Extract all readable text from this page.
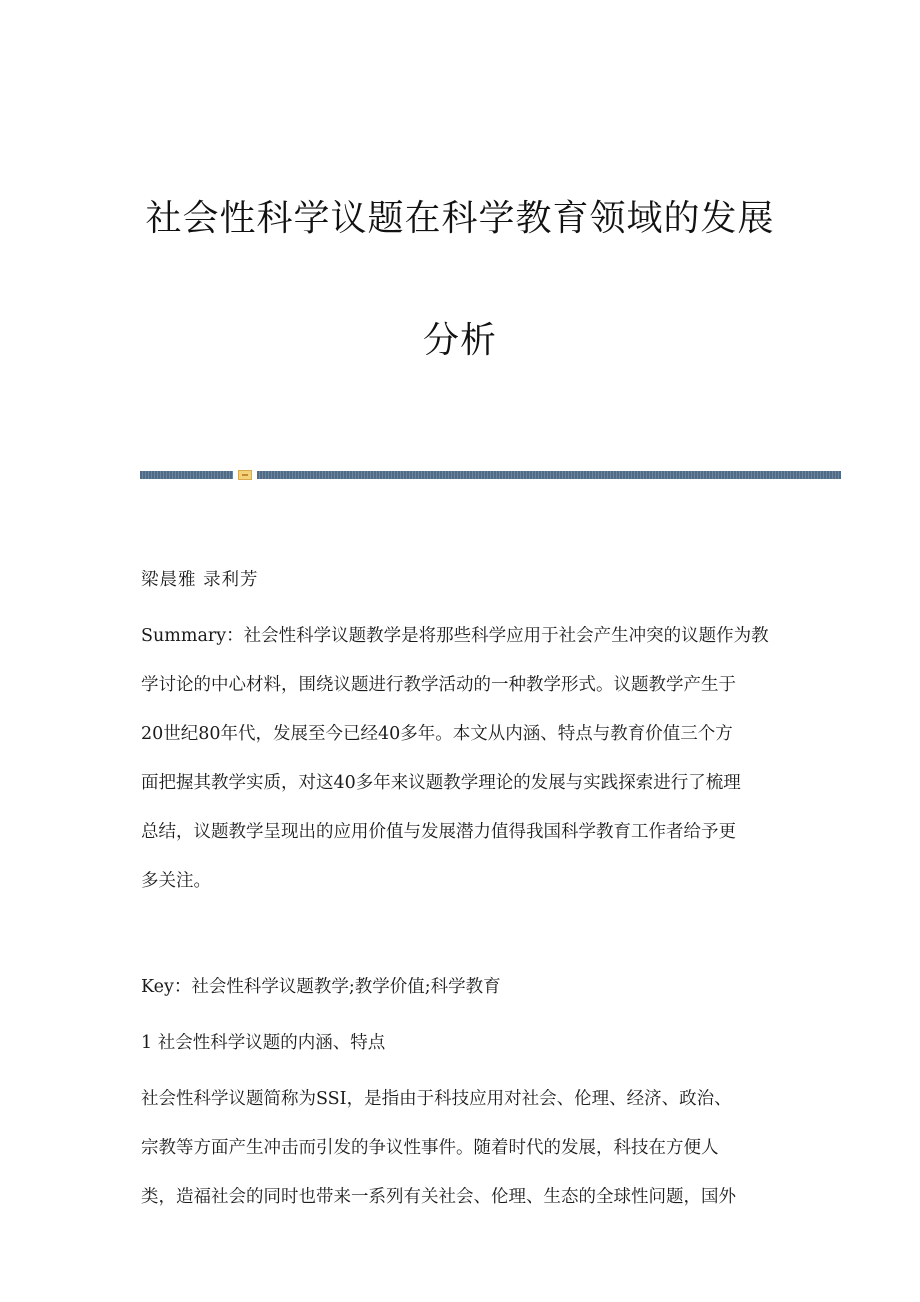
社会性科学议题在科学教育领域的发展
分析

梁晨雅 录利芳

Summary：社会性科学议题教学是将那些科学应用于社会产生冲突的议题作为教

学讨论的中心材料，围绕议题进行教学活动的一种教学形式。议题教学产生于

20世纪80年代，发展至今已经40多年。本文从内涵、特点与教育价值三个方

面把握其教学实质，对这40多年来议题教学理论的发展与实践探索进行了梳理

总结，议题教学呈现出的应用价值与发展潜力值得我国科学教育工作者给予更

多关注。

Key：社会性科学议题教学;教学价值;科学教育

1 社会性科学议题的内涵、特点

社会性科学议题简称为SSI，是指由于科技应用对社会、伦理、经济、政治、

宗教等方面产生冲击而引发的争议性事件。随着时代的发展，科技在方便人

类，造福社会的同时也带来一系列有关社会、伦理、生态的全球性问题，国外
